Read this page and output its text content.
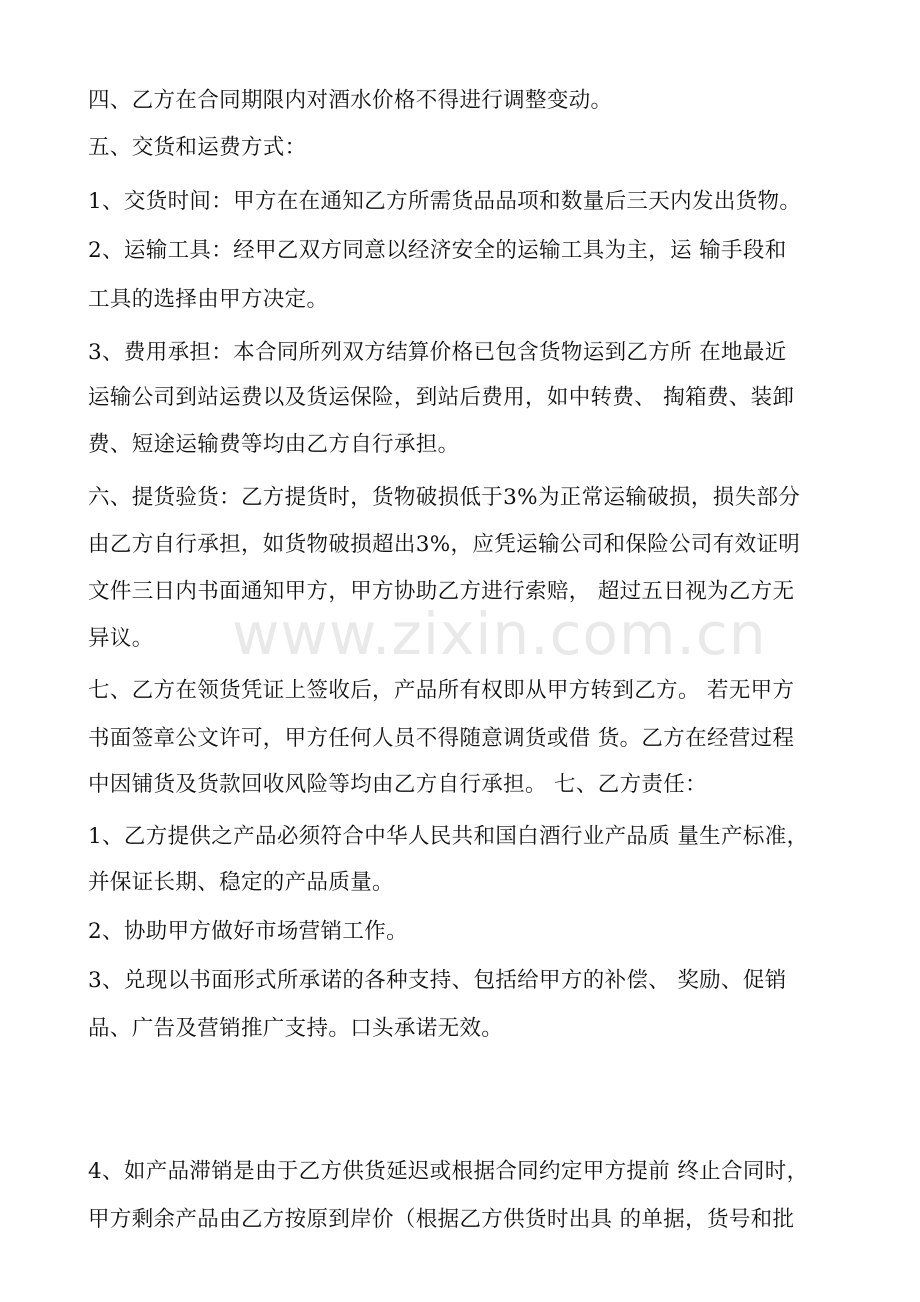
四、乙方在合同期限内对酒水价格不得进行调整变动。
五、交货和运费方式：
1、交货时间：甲方在在通知乙方所需货品品项和数量后三天内发出货物。
2、运输工具：经甲乙双方同意以经济安全的运输工具为主，运 输手段和
工具的选择由甲方决定。
3、费用承担：本合同所列双方结算价格已包含货物运到乙方所 在地最近
运输公司到站运费以及货运保险，到站后费用，如中转费、 掏箱费、装卸
费、短途运输费等均由乙方自行承担。
六、提货验货：乙方提货时，货物破损低于3%为正常运输破损，损失部分
由乙方自行承担，如货物破损超出3%，应凭运输公司和保险公司有效证明
文件三日内书面通知甲方，甲方协助乙方进行索赔， 超过五日视为乙方无
异议。
七、乙方在领货凭证上签收后，产品所有权即从甲方转到乙方。 若无甲方
书面签章公文许可，甲方任何人员不得随意调货或借 货。乙方在经营过程
中因铺货及货款回收风险等均由乙方自行承担。 七、乙方责任：
1、乙方提供之产品必须符合中华人民共和国白酒行业产品质 量生产标准，
并保证长期、稳定的产品质量。
2、协助甲方做好市场营销工作。
3、兑现以书面形式所承诺的各种支持、包括给甲方的补偿、 奖励、促销
品、广告及营销推广支持。口头承诺无效。
4、如产品滞销是由于乙方供货延迟或根据合同约定甲方提前 终止合同时，
甲方剩余产品由乙方按原到岸价（根据乙方供货时出具 的单据，货号和批
www.zixin.com.cn
